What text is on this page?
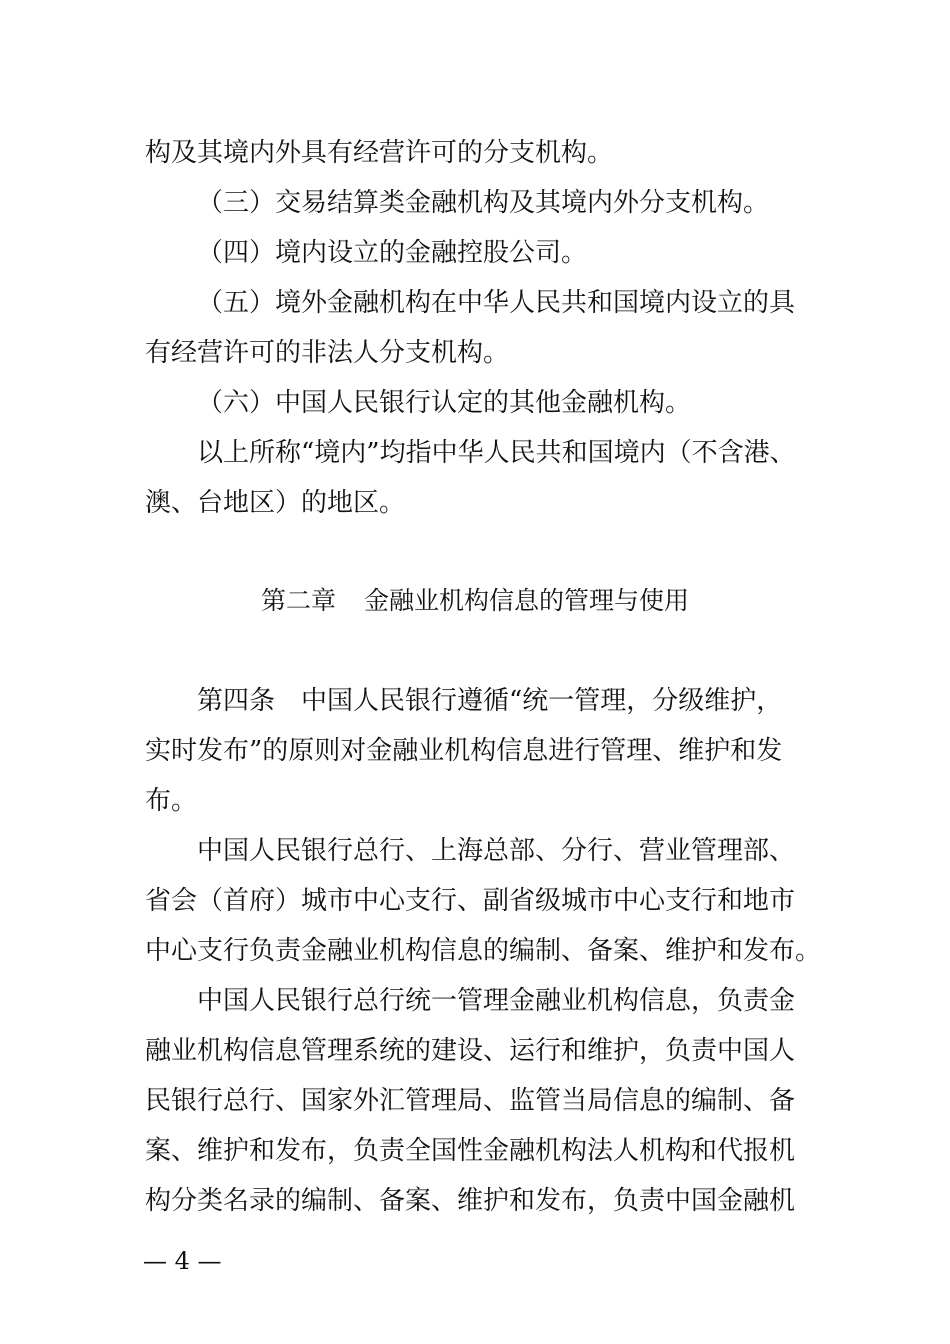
构及其境内外具有经营许可的分支机构。
（三）交易结算类金融机构及其境内外分支机构。
（四）境内设立的金融控股公司。
（五）境外金融机构在中华人民共和国境内设立的具
有经营许可的非法人分支机构。
（六）中国人民银行认定的其他金融机构。
以上所称“境内”均指中华人民共和国境内（不含港、
澳、台地区）的地区。
第二章 金融业机构信息的管理与使用
第四条　中国人民银行遵循“统一管理，分级维护，
实时发布”的原则对金融业机构信息进行管理、维护和发
布。
中国人民银行总行、上海总部、分行、营业管理部、
省会（首府）城市中心支行、副省级城市中心支行和地市
中心支行负责金融业机构信息的编制、备案、维护和发布。
中国人民银行总行统一管理金融业机构信息，负责金
融业机构信息管理系统的建设、运行和维护，负责中国人
民银行总行、国家外汇管理局、监管当局信息的编制、备
案、维护和发布，负责全国性金融机构法人机构和代报机
构分类名录的编制、备案、维护和发布，负责中国金融机
— 4 —
